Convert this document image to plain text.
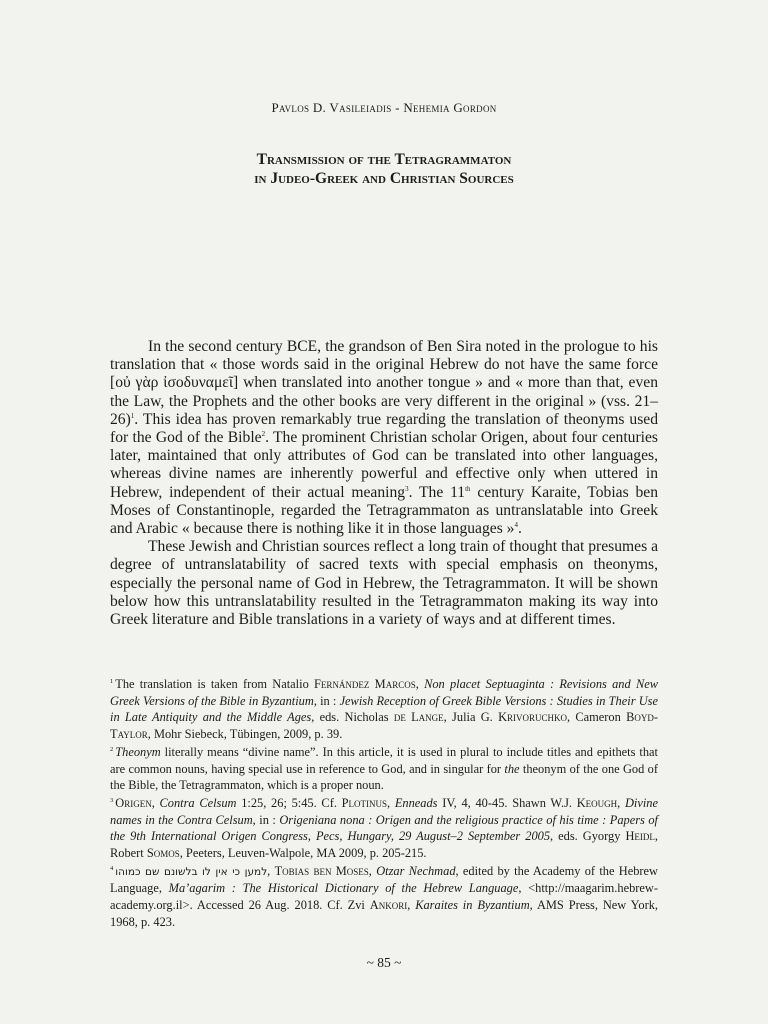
Pavlos D. Vasileiadis - Nehemia Gordon
Transmission of the Tetragrammaton
in Judeo-Greek and Christian Sources

In the second century BCE, the grandson of Ben Sira noted in the prologue to his translation that « those words said in the original Hebrew do not have the same force [οὐ γὰρ ἰσοδυναμεῖ] when translated into another tongue » and « more than that, even the Law, the Prophets and the other books are very different in the original » (vss. 21–26)$^1$. This idea has proven remarkably true regarding the translation of theonyms used for the God of the Bible$^2$. The prominent Christian scholar Origen, about four centuries later, maintained that only attributes of God can be translated into other languages, whereas divine names are inherently powerful and effective only when uttered in Hebrew, independent of their actual meaning$^3$. The 11th century Karaite, Tobias ben Moses of Constantinople, regarded the Tetragrammaton as untranslatable into Greek and Arabic « because there is nothing like it in those languages »$^4$.

These Jewish and Christian sources reflect a long train of thought that presumes a degree of untranslatability of sacred texts with special emphasis on theonyms, especially the personal name of God in Hebrew, the Tetragrammaton. It will be shown below how this untranslatability resulted in the Tetragrammaton making its way into Greek literature and Bible translations in a variety of ways and at different times.

$^1$ The translation is taken from Natalio Fernández Marcos, Non placet Septuaginta : Revisions and New Greek Versions of the Bible in Byzantium, in : Jewish Reception of Greek Bible Versions : Studies in Their Use in Late Antiquity and the Middle Ages, eds. Nicholas de Lange, Julia G. Krivoruchko, Cameron Boyd-Taylor, Mohr Siebeck, Tübingen, 2009, p. 39.
$^2$ Theonym literally means “divine name”. In this article, it is used in plural to include titles and epithets that are common nouns, having special use in reference to God, and in singular for the theonym of the one God of the Bible, the Tetragrammaton, which is a proper noun.
$^3$ Origen, Contra Celsum 1:25, 26; 5:45. Cf. Plotinus, Enneads IV, 4, 40-45. Shawn W.J. Keough, Divine names in the Contra Celsum, in : Origeniana nona : Origen and the religious practice of his time : Papers of the 9th International Origen Congress, Pecs, Hungary, 29 August–2 September 2005, eds. Gyorgy Heidl, Robert Somos, Peeters, Leuven-Walpole, MA 2009, p. 205-215.
$^4$ למען כי אין לו בלשונם שם כמוהו, Tobias ben Moses, Otzar Nechmad, edited by the Academy of the Hebrew Language, Ma’agarim : The Historical Dictionary of the Hebrew Language, <http://maagarim.hebrew-academy.org.il>. Accessed 26 Aug. 2018. Cf. Zvi Ankori, Karaites in Byzantium, AMS Press, New York, 1968, p. 423.
~ 85 ~
